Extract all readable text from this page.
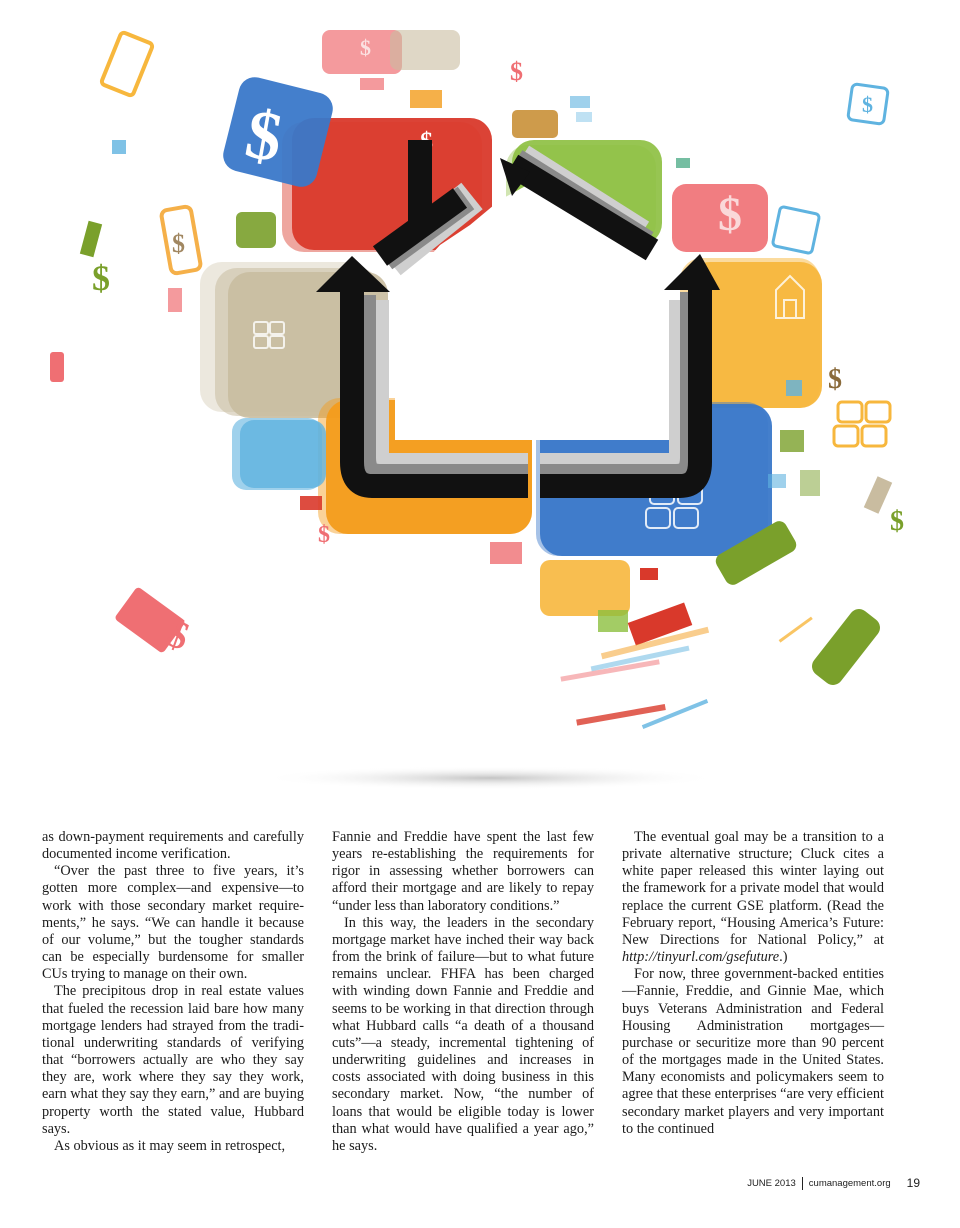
$	$
$
$
$
$
$
$
$
$
$
$

as down-payment requirements and carefully documented income verification.

“Over the past three to five years, it’s gotten more complex—and expensive—to work with those secondary market requirements,” he says. “We can handle it because of our volume,” but the tougher standards can be especially burdensome for smaller CUs trying to manage on their own.

The precipitous drop in real estate values that fueled the recession laid bare how many mortgage lenders had strayed from the traditional underwriting standards of verifying that “borrowers actually are who they say they are, work where they say they work, earn what they say they earn,” and are buying property worth the stated value, Hubbard says.

As obvious as it may seem in retrospect,

Fannie and Freddie have spent the last few years re-establishing the requirements for rigor in assessing whether borrowers can afford their mortgage and are likely to repay “under less than laboratory conditions.”

In this way, the leaders in the secondary mortgage market have inched their way back from the brink of failure—but to what future remains unclear. FHFA has been charged with winding down Fannie and Freddie and seems to be working in that direction through what Hubbard calls “a death of a thousand cuts”—a steady, incremental tightening of underwriting guidelines and increases in costs associated with doing business in this secondary market. Now, “the number of loans that would be eligible today is lower than what would have qualified a year ago,” he says.

The eventual goal may be a transition to a private alternative structure; Cluck cites a white paper released this winter laying out the framework for a private model that would replace the current GSE platform. (Read the February report, “Housing America’s Future: New Directions for National Policy,” at http://tinyurl.com/gsefuture.)

For now, three government-backed entities—Fannie, Freddie, and Ginnie Mae, which buys Veterans Administration and Federal Housing Administration mortgages—purchase or securitize more than 90 percent of the mortgages made in the United States. Many economists and policymakers seem to agree that these enterprises “are very efficient secondary market players and very important to the continued

JUNE 2013 cumanagement.org 19
